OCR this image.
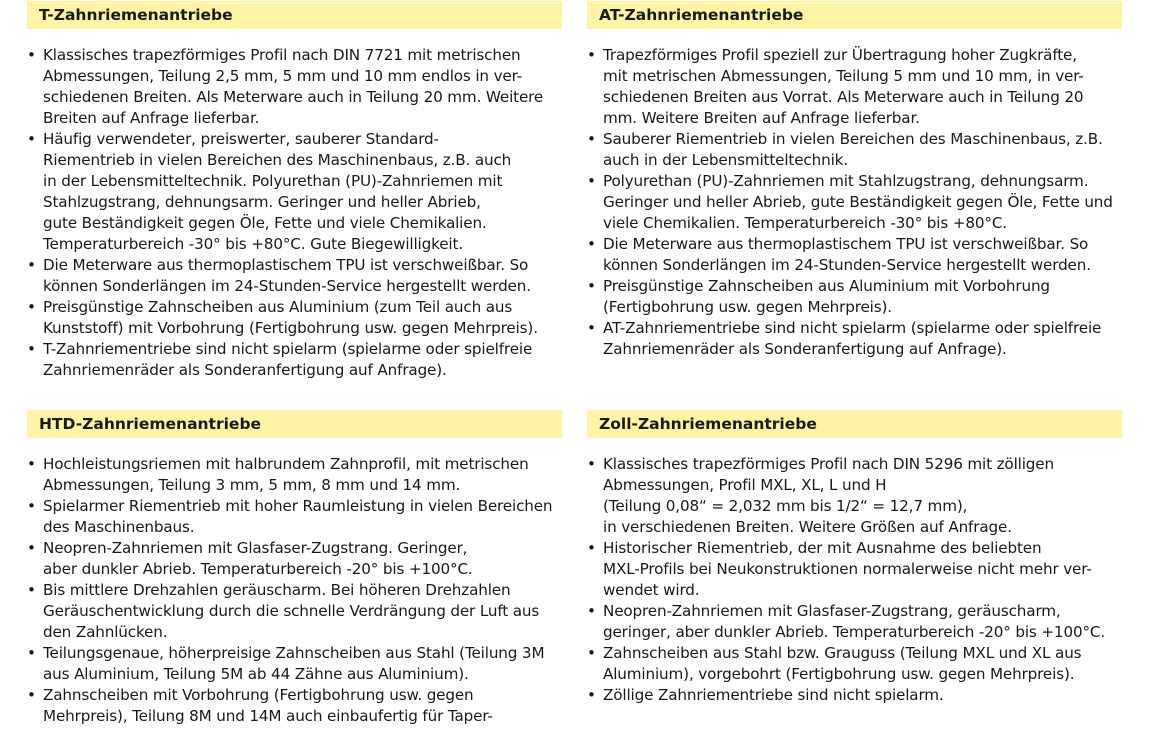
T-Zahnriemenantriebe
• Klassisches trapezförmiges Profil nach DIN 7721 mit metrischen
Abmessungen, Teilung 2,5 mm, 5 mm und 10 mm endlos in ver-
schiedenen Breiten. Als Meterware auch in Teilung 20 mm. Weitere
Breiten auf Anfrage lieferbar.
• Häufig verwendeter, preiswerter, sauberer Standard-
Riementrieb in vielen Bereichen des Maschinenbaus, z.B. auch
in der Lebensmitteltechnik. Polyurethan (PU)-Zahnriemen mit
Stahlzugstrang, dehnungsarm. Geringer und heller Abrieb,
gute Beständigkeit gegen Öle, Fette und viele Chemikalien.
Temperaturbereich -30° bis +80°C. Gute Biegewilligkeit.
• Die Meterware aus thermoplastischem TPU ist verschweißbar. So
können Sonderlängen im 24-Stunden-Service hergestellt werden.
• Preisgünstige Zahnscheiben aus Aluminium (zum Teil auch aus
Kunststoff) mit Vorbohrung (Fertigbohrung usw. gegen Mehrpreis).
• T-Zahnriementriebe sind nicht spielarm (spielarme oder spielfreie
Zahnriemenräder als Sonderanfertigung auf Anfrage).
AT-Zahnriemenantriebe
• Trapezförmiges Profil speziell zur Übertragung hoher Zugkräfte,
mit metrischen Abmessungen, Teilung 5 mm und 10 mm, in ver-
schiedenen Breiten aus Vorrat. Als Meterware auch in Teilung 20
mm. Weitere Breiten auf Anfrage lieferbar.
• Sauberer Riementrieb in vielen Bereichen des Maschinenbaus, z.B.
auch in der Lebensmitteltechnik.
• Polyurethan (PU)-Zahnriemen mit Stahlzugstrang, dehnungsarm.
Geringer und heller Abrieb, gute Beständigkeit gegen Öle, Fette und
viele Chemikalien. Temperaturbereich -30° bis +80°C.
• Die Meterware aus thermoplastischem TPU ist verschweißbar. So
können Sonderlängen im 24-Stunden-Service hergestellt werden.
• Preisgünstige Zahnscheiben aus Aluminium mit Vorbohrung
(Fertigbohrung usw. gegen Mehrpreis).
• AT-Zahnriementriebe sind nicht spielarm (spielarme oder spielfreie
Zahnriemenräder als Sonderanfertigung auf Anfrage).
HTD-Zahnriemenantriebe
• Hochleistungsriemen mit halbrundem Zahnprofil, mit metrischen
Abmessungen, Teilung 3 mm, 5 mm, 8 mm und 14 mm.
• Spielarmer Riementrieb mit hoher Raumleistung in vielen Bereichen
des Maschinenbaus.
• Neopren-Zahnriemen mit Glasfaser-Zugstrang. Geringer,
aber dunkler Abrieb. Temperaturbereich -20° bis +100°C.
• Bis mittlere Drehzahlen geräuscharm. Bei höheren Drehzahlen
Geräuschentwicklung durch die schnelle Verdrängung der Luft aus
den Zahnlücken.
• Teilungsgenaue, höherpreisige Zahnscheiben aus Stahl (Teilung 3M
aus Aluminium, Teilung 5M ab 44 Zähne aus Aluminium).
• Zahnscheiben mit Vorbohrung (Fertigbohrung usw. gegen
Mehrpreis), Teilung 8M und 14M auch einbaufertig für Taper-
Zoll-Zahnriemenantriebe
• Klassisches trapezförmiges Profil nach DIN 5296 mit zölligen
Abmessungen, Profil MXL, XL, L und H
(Teilung 0,08“ = 2,032 mm bis 1/2“ = 12,7 mm),
in verschiedenen Breiten. Weitere Größen auf Anfrage.
• Historischer Riementrieb, der mit Ausnahme des beliebten
MXL-Profils bei Neukonstruktionen normalerweise nicht mehr ver-
wendet wird.
• Neopren-Zahnriemen mit Glasfaser-Zugstrang, geräuscharm,
geringer, aber dunkler Abrieb. Temperaturbereich -20° bis +100°C.
• Zahnscheiben aus Stahl bzw. Grauguss (Teilung MXL und XL aus
Aluminium), vorgebohrt (Fertigbohrung usw. gegen Mehrpreis).
• Zöllige Zahnriementriebe sind nicht spielarm.
